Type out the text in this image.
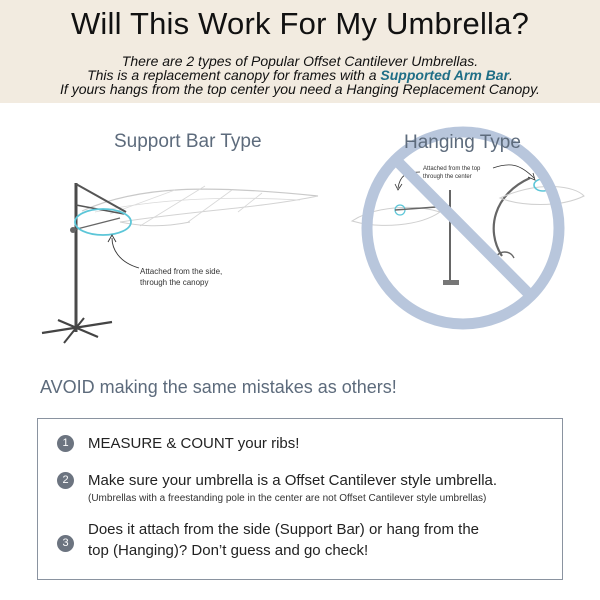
Will This Work For My Umbrella?
There are 2 types of Popular Offset Cantilever Umbrellas.
This is a replacement canopy for frames with a Supported Arm Bar.
If yours hangs from the top center you need a Hanging Replacement Canopy.
Support Bar Type	Hanging Type
Attached from the side,
through the canopy
Attached from the top
through the center
AVOID making the same mistakes as others!
1	MEASURE & COUNT your ribs!
2	Make sure your umbrella is a Offset Cantilever style umbrella.
(Umbrellas with a freestanding pole in the center are not Offset Cantilever style umbrellas)
3
Does it attach from the side (Support Bar) or hang from the
top (Hanging)? Don’t guess and go check!
